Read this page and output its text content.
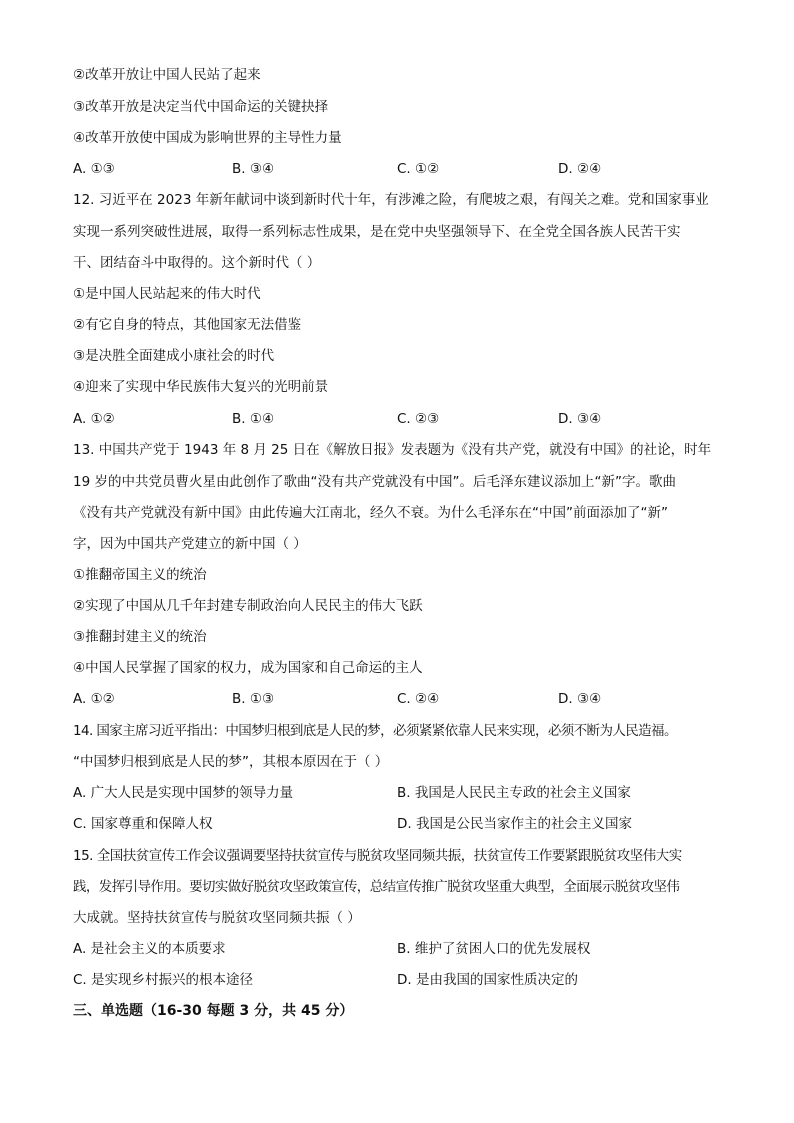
②改革开放让中国人民站了起来
③改革开放是决定当代中国命运的关键抉择
④改革开放使中国成为影响世界的主导性力量
A. ①③	B. ③④	C. ①②	D. ②④
12. 习近平在 2023 年新年献词中谈到新时代十年，有涉滩之险，有爬坡之艰，有闯关之难。党和国家事业
实现一系列突破性进展，取得一系列标志性成果，是在党中央坚强领导下、在全党全国各族人民苦干实
干、团结奋斗中取得的。这个新时代（ ）
①是中国人民站起来的伟大时代
②有它自身的特点，其他国家无法借鉴
③是决胜全面建成小康社会的时代
④迎来了实现中华民族伟大复兴的光明前景
A. ①②	B. ①④	C. ②③	D. ③④
13. 中国共产党于 1943 年 8 月 25 日在《解放日报》发表题为《没有共产党，就没有中国》的社论，时年
19 岁的中共党员曹火星由此创作了歌曲“没有共产党就没有中国”。后毛泽东建议添加上“新”字。歌曲
《没有共产党就没有新中国》由此传遍大江南北，经久不衰。为什么毛泽东在“中国”前面添加了“新”
字，因为中国共产党建立的新中国（ ）
①推翻帝国主义的统治
②实现了中国从几千年封建专制政治向人民民主的伟大飞跃
③推翻封建主义的统治
④中国人民掌握了国家的权力，成为国家和自己命运的主人
A. ①②	B. ①③	C. ②④	D. ③④
14. 国家主席习近平指出：中国梦归根到底是人民的梦，必须紧紧依靠人民来实现，必须不断为人民造福。
“中国梦归根到底是人民的梦”，其根本原因在于（ ）
A. 广大人民是实现中国梦的领导力量	B. 我国是人民民主专政的社会主义国家
C. 国家尊重和保障人权	D. 我国是公民当家作主的社会主义国家
15. 全国扶贫宣传工作会议强调要坚持扶贫宣传与脱贫攻坚同频共振，扶贫宣传工作要紧跟脱贫攻坚伟大实
践，发挥引导作用。要切实做好脱贫攻坚政策宣传，总结宣传推广脱贫攻坚重大典型，全面展示脱贫攻坚伟
大成就。坚持扶贫宣传与脱贫攻坚同频共振（ ）
A. 是社会主义的本质要求	B. 维护了贫困人口的优先发展权
C. 是实现乡村振兴的根本途径	D. 是由我国的国家性质决定的
三、单选题（16-30 每题 3 分，共 45 分）
